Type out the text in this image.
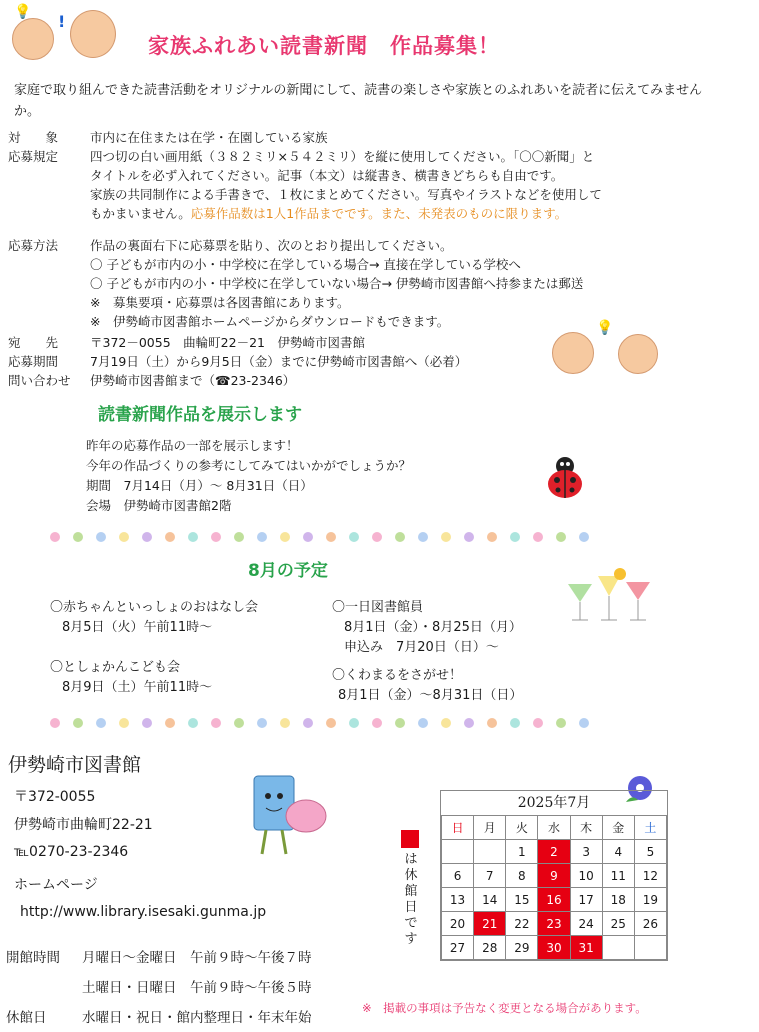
💡 !
家族ふれあい読書新聞　作品募集！
家庭で取り組んできた読書活動をオリジナルの新聞にして、読書の楽しさや家族とのふれあいを読者に伝えてみませんか。
対　　象	市内に在住または在学・在園している家族
応募規定	四つ切の白い画用紙（３８２ミリ×５４２ミリ）を縦に使用してください。「〇〇新聞」と
タイトルを必ず入れてください。記事（本文）は縦書き、横書きどちらも自由です。
家族の共同制作による手書きで、１枚にまとめてください。写真やイラストなどを使用して
もかまいません。応募作品数は1人1作品までです。また、未発表のものに限ります。
応募方法	作品の裏面右下に応募票を貼り、次のとおり提出してください。
〇 子どもが市内の小・中学校に在学している場合→ 直接在学している学校へ
〇 子どもが市内の小・中学校に在学していない場合→ 伊勢崎市図書館へ持参または郵送
※　募集要項・応募票は各図書館にあります。
※　伊勢崎市図書館ホームページからダウンロードもできます。
宛　　先	〒372－0055　曲輪町22－21　伊勢崎市図書館
応募期間	7月19日（土）から9月5日（金）までに伊勢崎市図書館へ（必着）
問い合わせ 伊勢崎市図書館まで（☎23-2346）
💡
読書新聞作品を展示します
昨年の応募作品の一部を展示します！
今年の作品づくりの参考にしてみてはいかがでしょうか？
期間　7月14日（月）～ 8月31日（日）
会場　伊勢崎市図書館2階
8月の予定
〇赤ちゃんといっしょのおはなし会
8月5日（火）午前11時～
〇としょかんこども会
8月9日（土）午前11時～
〇一日図書館員
8月1日（金）・8月25日（月）
申込み　7月20日（日）～
〇くわまるをさがせ！
8月1日（金）～8月31日（日）
伊勢崎市図書館
〒372-0055
伊勢崎市曲輪町22-21
℡0270-23-2346
ホームページ
http://www.library.isesaki.gunma.jp
開館時間 月曜日～金曜日　午前９時～午後７時
土曜日・日曜日　午前９時～午後５時
休館日	水曜日・祝日・館内整理日・年末年始
は休館日です
2025年7月
日	月	火	水	木	金	土
		1	2	3	4	5
6	7	8	9	10	11	12
13	14	15	16	17	18	19
20	21	22	23	24	25	26
27	28	29	30	31		
※　掲載の事項は予告なく変更となる場合があります。
